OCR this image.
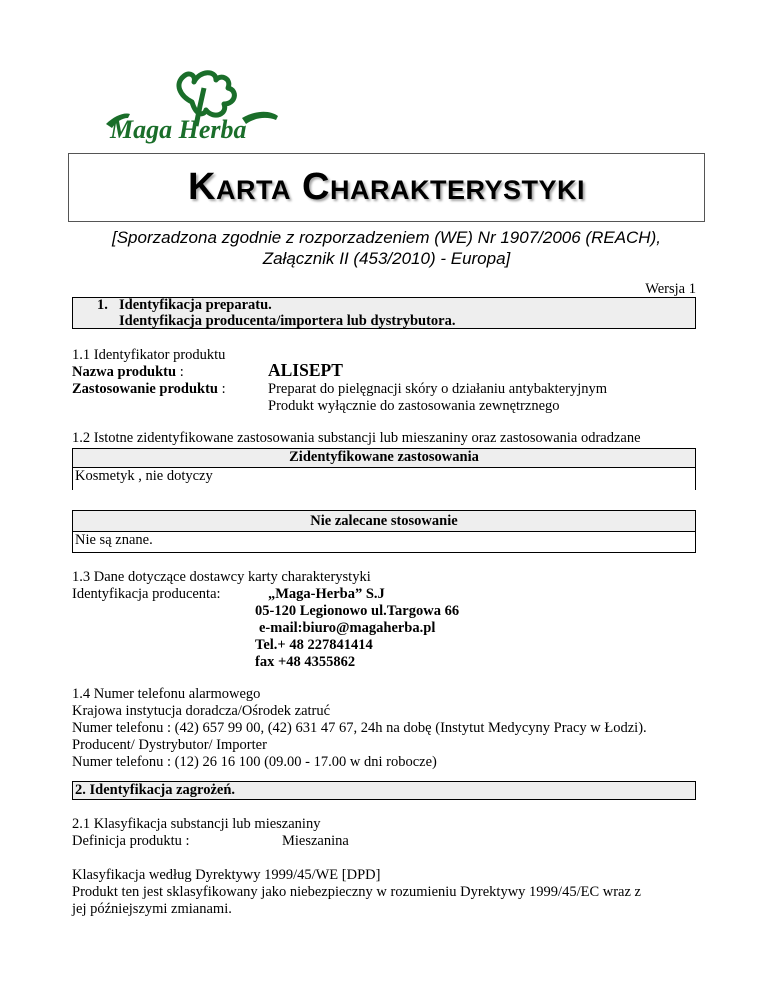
Maga Herba
Karta Charakterystyki
[Sporzadzona zgodnie z rozporzadzeniem (WE) Nr 1907/2006 (REACH),
Załącznik II (453/2010) - Europa]
Wersja 1
1. Identyfikacja preparatu.
Identyfikacja producenta/importera lub dystrybutora.
1.1 Identyfikator produktu
Nazwa produktu :	ALISEPT
Zastosowanie produktu :	Preparat do pielęgnacji skóry o działaniu antybakteryjnym
Produkt wyłącznie do zastosowania zewnętrznego
1.2 Istotne zidentyfikowane zastosowania substancji lub mieszaniny oraz zastosowania odradzane
Zidentyfikowane zastosowania
Kosmetyk , nie dotyczy
Nie zalecane stosowanie
Nie są znane.
1.3 Dane dotyczące dostawcy karty charakterystyki
Identyfikacja producenta:	„Maga-Herba” S.J
05-120 Legionowo ul.Targowa 66
e-mail:biuro@magaherba.pl
Tel.+ 48 227841414
fax +48 4355862
1.4 Numer telefonu alarmowego
Krajowa instytucja doradcza/Ośrodek zatruć
Numer telefonu : (42) 657 99 00, (42) 631 47 67, 24h na dobę (Instytut Medycyny Pracy w Łodzi).
Producent/ Dystrybutor/ Importer
Numer telefonu : (12) 26 16 100 (09.00 - 17.00 w dni robocze)
2. Identyfikacja zagrożeń.
2.1 Klasyfikacja substancji lub mieszaniny
Definicja produktu :	Mieszanina
Klasyfikacja według Dyrektywy 1999/45/WE [DPD]
Produkt ten jest sklasyfikowany jako niebezpieczny w rozumieniu Dyrektywy 1999/45/EC wraz z
jej późniejszymi zmianami.
